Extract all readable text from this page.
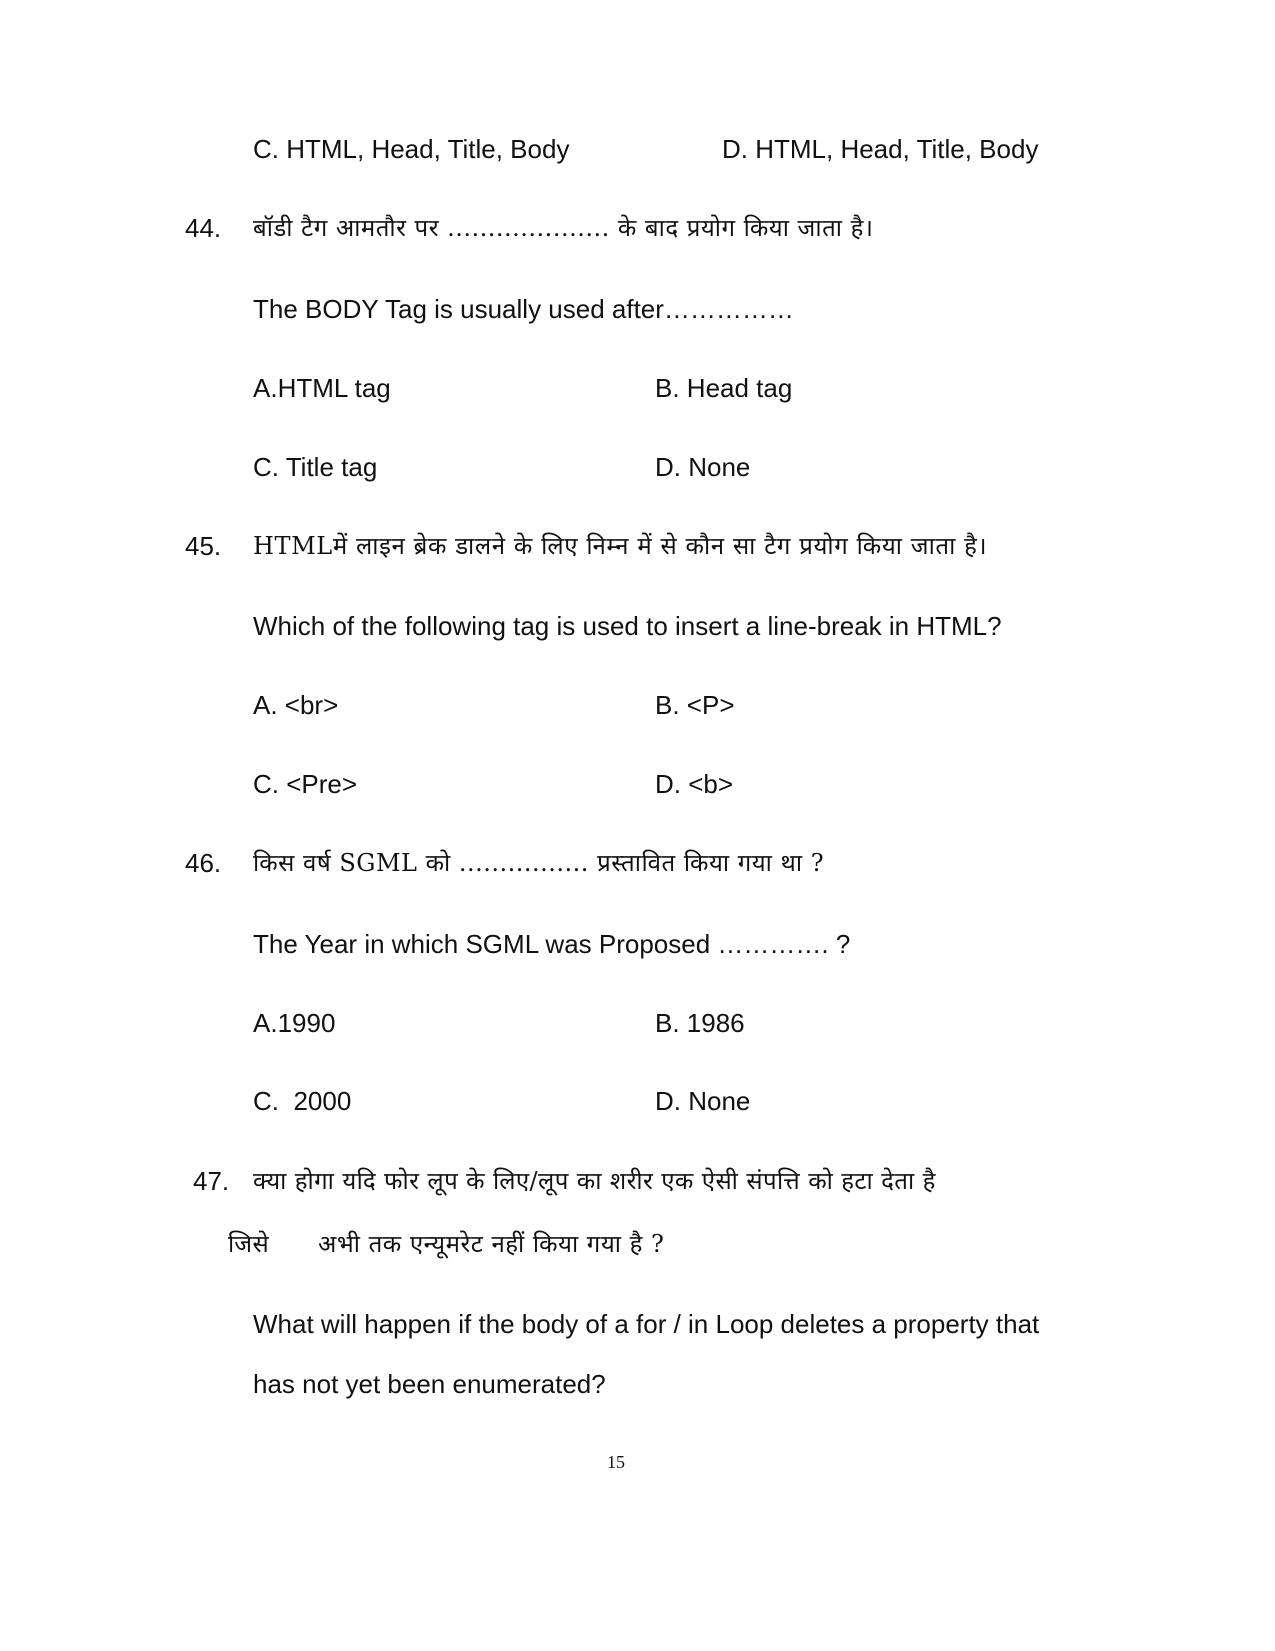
C. HTML, Head, Title, Body	D. HTML, Head, Title, Body
44. बॉडी टैग आमतौर पर .................... के बाद प्रयोग किया जाता है।
The BODY Tag is usually used after……………
A.HTML tag	B. Head tag
C. Title tag	D. None
45. HTMLमें लाइन ब्रेक डालने के लिए निम्न में से कौन सा टैग प्रयोग किया जाता है।
Which of the following tag is used to insert a line-break in HTML?
A. <br>	B. <P>
C. <Pre>	D. <b>
46. किस वर्ष SGML को ................ प्रस्तावित किया गया था ?
The Year in which SGML was Proposed …………. ?
A.1990	B. 1986
C.  2000	D. None
47. क्या होगा यदि फोर लूप के लिए/लूप का शरीर एक ऐसी संपत्ति को हटा देता है
जिसे      अभी तक एन्यूमरेट नहीं किया गया है ?
What will happen if the body of a for / in Loop deletes a property that
has not yet been enumerated?
15
